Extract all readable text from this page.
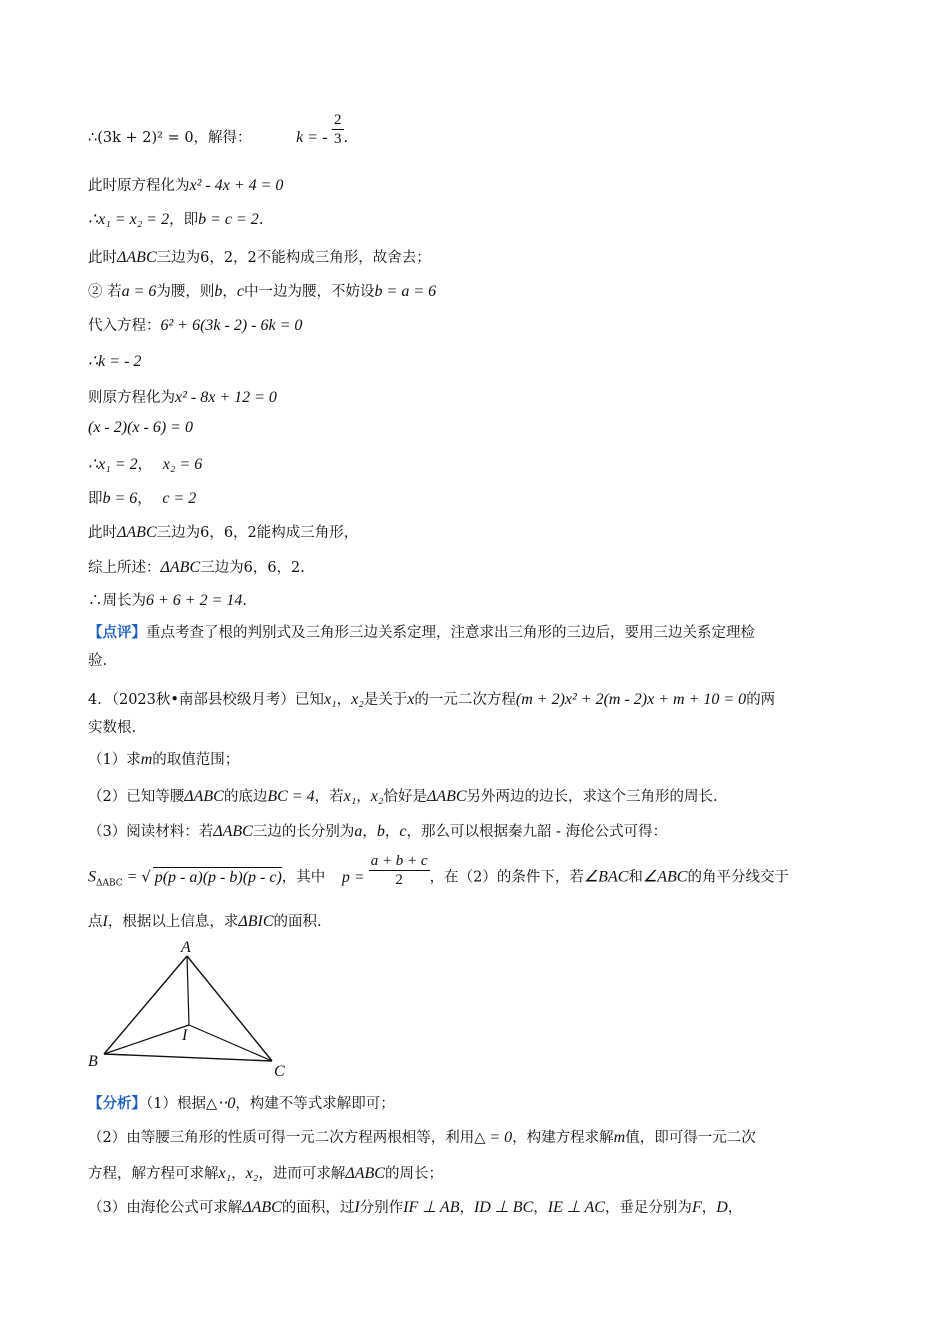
∴(3k + 2)² = 0，解得：	k = - $\frac{2}{3}$ .
此时原方程化为x² - 4x + 4 = 0
∴x₁ = x₂ = 2，即b = c = 2.
此时ΔABC三边为6，2，2不能构成三角形，故舍去；
② 若a = 6为腰，则b，c中一边为腰，不妨设b = a = 6
代入方程：6² + 6(3k - 2) - 6k = 0
∴k = - 2
则原方程化为x² - 8x + 12 = 0
(x - 2)(x - 6) = 0
∴x₁ = 2， x₂ = 6
即b = 6， c = 2
此时ΔABC三边为6，6，2能构成三角形，
综上所述：ΔABC三边为6，6，2.
∴周长为6 + 6 + 2 = 14.
【点评】重点考查了根的判别式及三角形三边关系定理，注意求出三角形的三边后，要用三边关系定理检
验.
4．（2023秋•南部县校级月考）已知x₁，x₂是关于x的一元二次方程(m + 2)x² + 2(m - 2)x + m + 10 = 0的两
实数根.
（1）求m的取值范围；
（2）已知等腰ΔABC的底边BC = 4，若x₁，x₂恰好是ΔABC另外两边的边长，求这个三角形的周长.
（3）阅读材料：若ΔABC三边的长分别为a，b，c，那么可以根据秦九韶 - 海伦公式可得：
$S_{\Delta ABC}$ = √ p(p - a)(p - b)(p - c)，其中 $p = \frac{a + b + c}{2}$ ，在（2）的条件下，若∠BAC和∠ABC的角平分线交于
点I，根据以上信息，求ΔBIC的面积.
A
B
C
I
【分析】（1）根据△⋅⋅0，构建不等式求解即可；
（2）由等腰三角形的性质可得一元二次方程两根相等，利用△ = 0，构建方程求解m值，即可得一元二次
方程，解方程可求解x₁，x₂，进而可求解ΔABC的周长；
（3）由海伦公式可求解ΔABC的面积，过I分别作IF ⊥ AB，ID ⊥ BC，IE ⊥ AC，垂足分别为F，D，
